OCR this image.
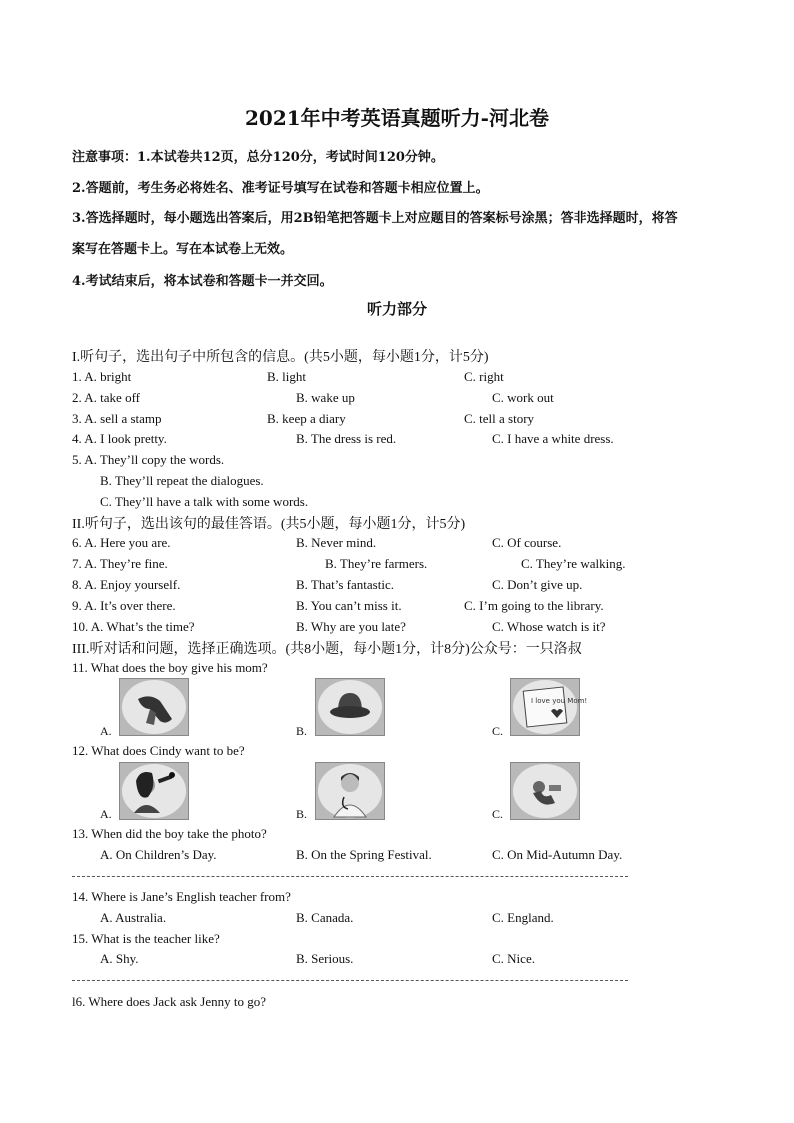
2021年中考英语真题听力-河北卷
注意事项：1.本试卷共12页，总分120分，考试时间120分钟。
2.答题前，考生务必将姓名、准考证号填写在试卷和答题卡相应位置上。
3.答选择题时，每小题选出答案后，用2B铅笔把答题卡上对应题目的答案标号涂黑；答非选择题时，将答
案写在答题卡上。写在本试卷上无效。
4.考试结束后，将本试卷和答题卡一并交回。
听力部分
I.听句子，选出句子中所包含的信息。(共5小题，每小题1分，计5分)
1. A. bright	B. light	C. right
2. A. take off	B. wake up	C. work out
3. A. sell a stamp	B. keep a diary	C. tell a story
4. A. I look pretty.	B. The dress is red.	C. I have a white dress.
5. A. They’ll copy the words.
B. They’ll repeat the dialogues.
C. They’ll have a talk with some words.
II.听句子，选出该句的最佳答语。(共5小题，每小题1分，计5分)
6. A. Here you are.	B. Never mind.	C. Of course.
7. A. They’re fine.	B. They’re farmers.	C. They’re walking.
8. A. Enjoy yourself.	B. That’s fantastic.	C. Don’t give up.
9. A. It’s over there.	B. You can’t miss it.	C. I’m going to the library.
10. A. What’s the time?	B. Why are you late?	C. Whose watch is it?
III.听对话和问题，选择正确选项。(共8小题，每小题1分，计8分)公众号：一只洛叔
11. What does the boy give his mom?
A.	B.	C.
I love you Mom!
12. What does Cindy want to be?
A.	B.	C.
13. When did the boy take the photo?
A. On Children’s Day.	B. On the Spring Festival.	C. On Mid-Autumn Day.
14. Where is Jane’s English teacher from?
A. Australia.	B. Canada.	C. England.
15. What is the teacher like?
A. Shy.	B. Serious.	C. Nice.
l6. Where does Jack ask Jenny to go?
